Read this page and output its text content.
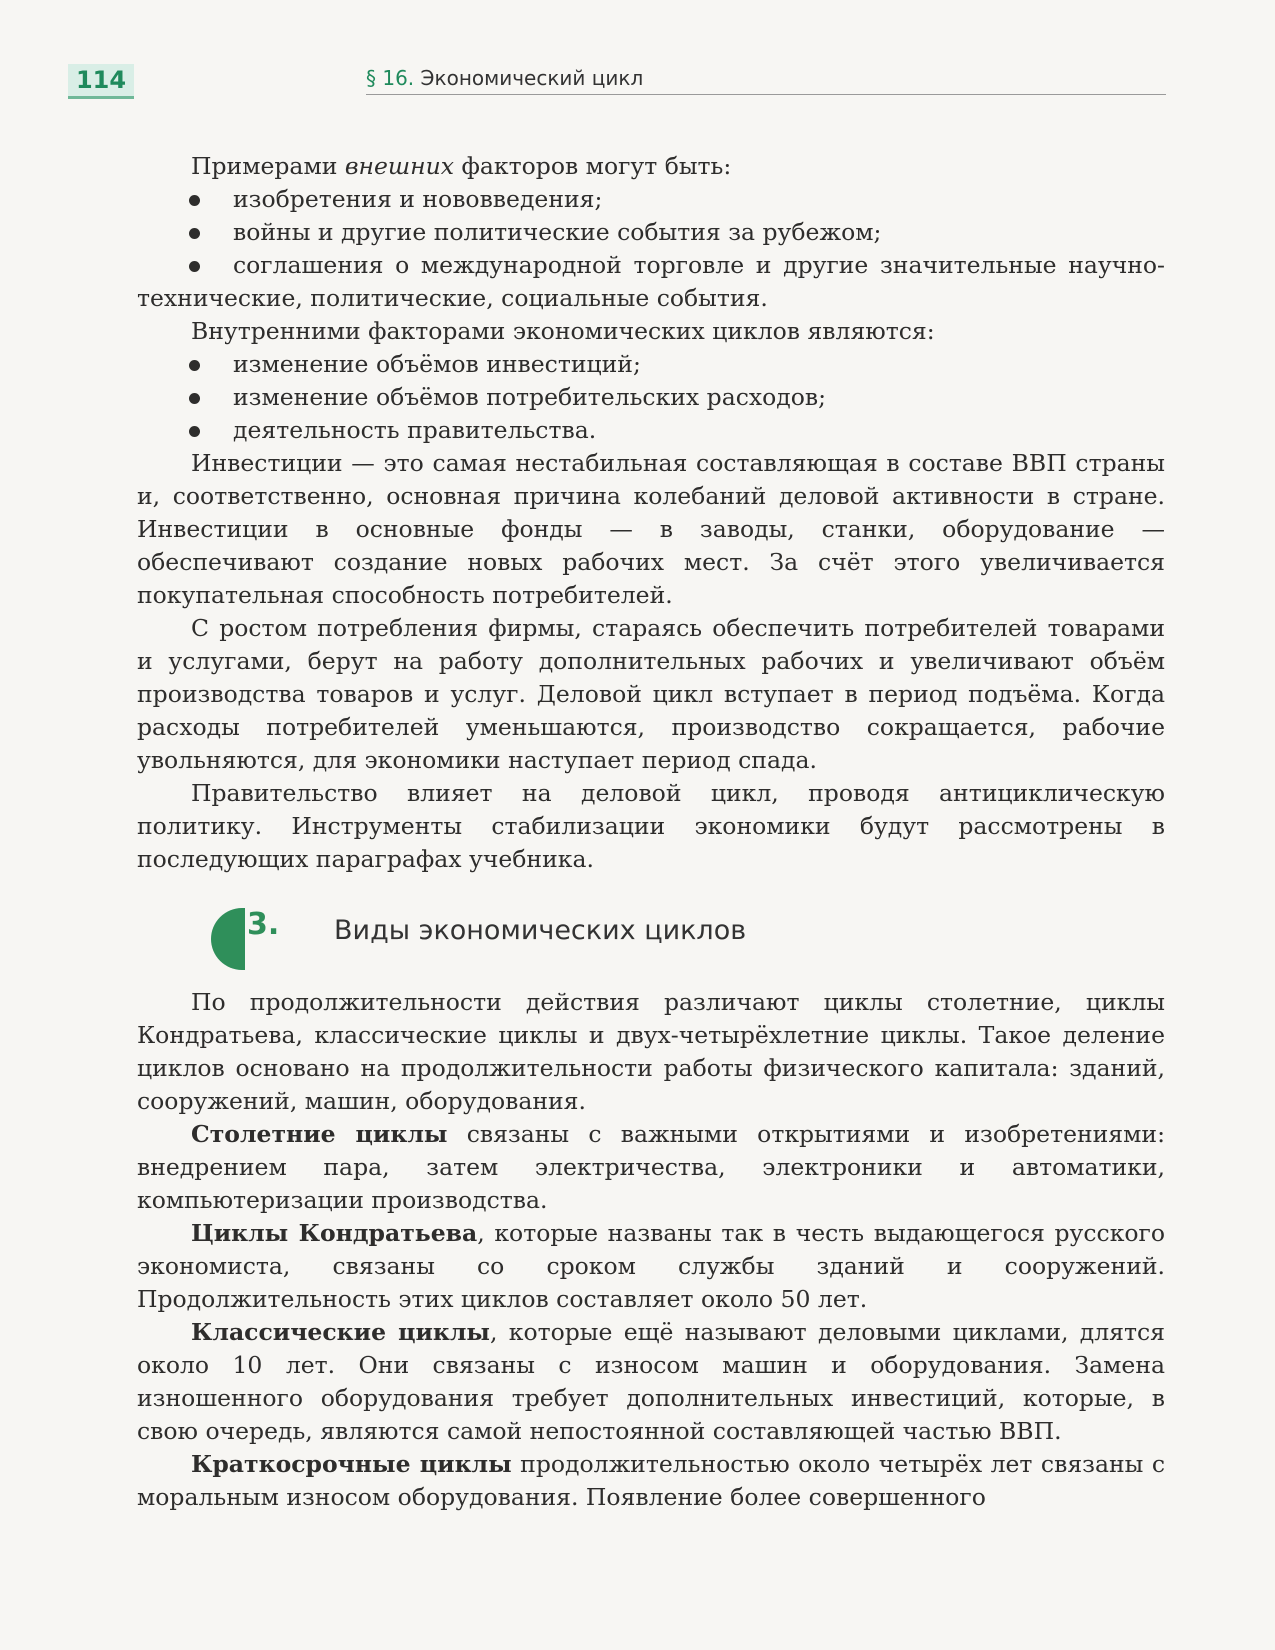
114	§ 16. Экономический цикл

Примерами внешних факторов могут быть:

изобретения и нововведения;
войны и другие политические события за рубежом;
соглашения о международной торговле и другие значительные научно-технические, политические, социальные события.

Внутренними факторами экономических циклов являются:

изменение объёмов инвестиций;
изменение объёмов потребительских расходов;
деятельность правительства.

Инвестиции — это самая нестабильная составляющая в составе ВВП страны и, соответственно, основная причина колебаний деловой активности в стране. Инвестиции в основные фонды — в заводы, станки, оборудование — обеспечивают создание новых рабочих мест. За счёт этого увеличивается покупательная способность потребителей.

С ростом потребления фирмы, стараясь обеспечить потребителей товарами и услугами, берут на работу дополнительных рабочих и увеличивают объём производства товаров и услуг. Деловой цикл вступает в период подъёма. Когда расходы потребителей уменьшаются, производство сокращается, рабочие увольняются, для экономики наступает период спада.

Правительство влияет на деловой цикл, проводя антициклическую политику. Инструменты стабилизации экономики будут рассмотрены в последующих параграфах учебника.

3. Виды экономических циклов

По продолжительности действия различают циклы столетние, циклы Кондратьева, классические циклы и двух-четырёхлетние циклы. Такое деление циклов основано на продолжительности работы физического капитала: зданий, сооружений, машин, оборудования.

Столетние циклы связаны с важными открытиями и изобретениями: внедрением пара, затем электричества, электроники и автоматики, компьютеризации производства.

Циклы Кондратьева, которые названы так в честь выдающегося русского экономиста, связаны со сроком службы зданий и сооружений. Продолжительность этих циклов составляет около 50 лет.

Классические циклы, которые ещё называют деловыми циклами, длятся около 10 лет. Они связаны с износом машин и оборудования. Замена изношенного оборудования требует дополнительных инвестиций, которые, в свою очередь, являются самой непостоянной составляющей частью ВВП.

Краткосрочные циклы продолжительностью около четырёх лет связаны с моральным износом оборудования. Появление более совершенного
